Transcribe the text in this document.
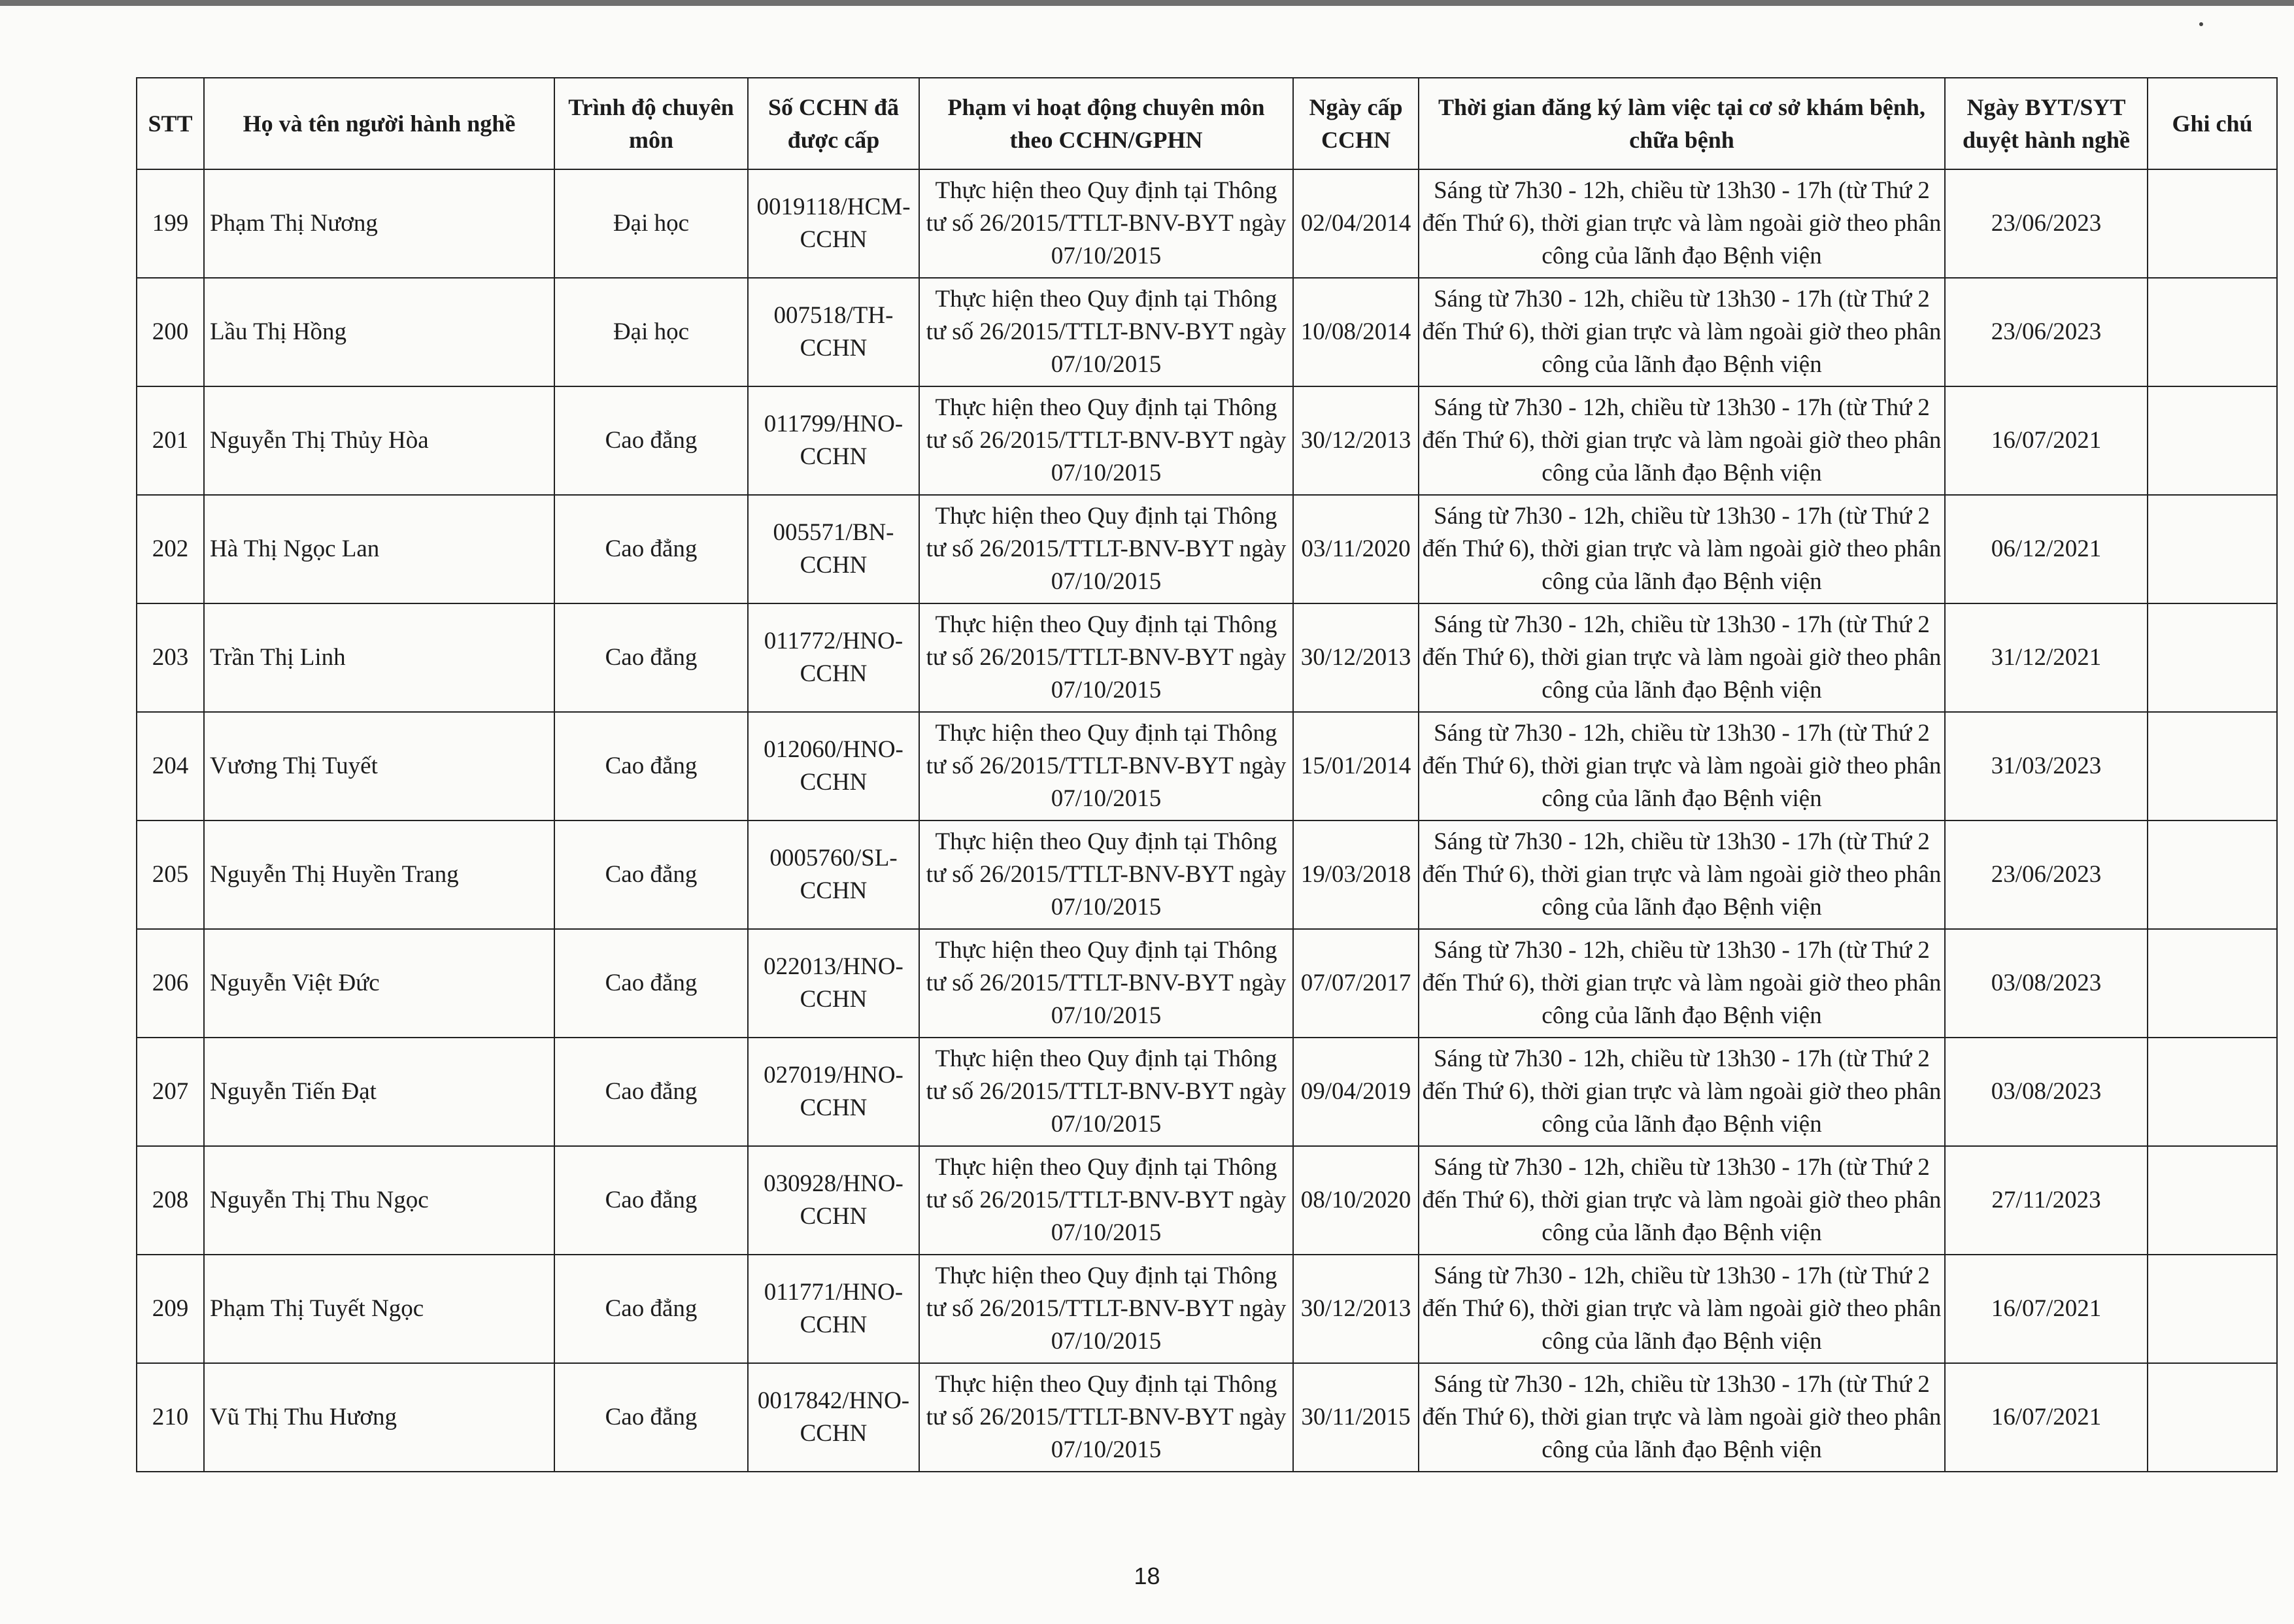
STT	Họ và tên người hành nghề	Trình độ chuyên môn	Số CCHN đã được cấp	Phạm vi hoạt động chuyên môn theo CCHN/GPHN	Ngày cấp CCHN	Thời gian đăng ký làm việc tại cơ sở khám bệnh, chữa bệnh	Ngày BYT/SYT duyệt hành nghề	Ghi chú
199	Phạm Thị Nương	Đại học	0019118/HCM-CCHN	Thực hiện theo Quy định tại Thông tư số 26/2015/TTLT-BNV-BYT ngày 07/10/2015	02/04/2014	Sáng từ 7h30 - 12h, chiều từ 13h30 - 17h (từ Thứ 2 đến Thứ 6), thời gian trực và làm ngoài giờ theo phân công của lãnh đạo Bệnh viện	23/06/2023	
200	Lầu Thị Hồng	Đại học	007518/TH-CCHN	Thực hiện theo Quy định tại Thông tư số 26/2015/TTLT-BNV-BYT ngày 07/10/2015	10/08/2014	Sáng từ 7h30 - 12h, chiều từ 13h30 - 17h (từ Thứ 2 đến Thứ 6), thời gian trực và làm ngoài giờ theo phân công của lãnh đạo Bệnh viện	23/06/2023	
201	Nguyễn Thị Thủy Hòa	Cao đẳng	011799/HNO-CCHN	Thực hiện theo Quy định tại Thông tư số 26/2015/TTLT-BNV-BYT ngày 07/10/2015	30/12/2013	Sáng từ 7h30 - 12h, chiều từ 13h30 - 17h (từ Thứ 2 đến Thứ 6), thời gian trực và làm ngoài giờ theo phân công của lãnh đạo Bệnh viện	16/07/2021	
202	Hà Thị Ngọc Lan	Cao đẳng	005571/BN-CCHN	Thực hiện theo Quy định tại Thông tư số 26/2015/TTLT-BNV-BYT ngày 07/10/2015	03/11/2020	Sáng từ 7h30 - 12h, chiều từ 13h30 - 17h (từ Thứ 2 đến Thứ 6), thời gian trực và làm ngoài giờ theo phân công của lãnh đạo Bệnh viện	06/12/2021	
203	Trần Thị Linh	Cao đẳng	011772/HNO-CCHN	Thực hiện theo Quy định tại Thông tư số 26/2015/TTLT-BNV-BYT ngày 07/10/2015	30/12/2013	Sáng từ 7h30 - 12h, chiều từ 13h30 - 17h (từ Thứ 2 đến Thứ 6), thời gian trực và làm ngoài giờ theo phân công của lãnh đạo Bệnh viện	31/12/2021	
204	Vương Thị Tuyết	Cao đẳng	012060/HNO-CCHN	Thực hiện theo Quy định tại Thông tư số 26/2015/TTLT-BNV-BYT ngày 07/10/2015	15/01/2014	Sáng từ 7h30 - 12h, chiều từ 13h30 - 17h (từ Thứ 2 đến Thứ 6), thời gian trực và làm ngoài giờ theo phân công của lãnh đạo Bệnh viện	31/03/2023	
205	Nguyễn Thị Huyền Trang	Cao đẳng	0005760/SL-CCHN	Thực hiện theo Quy định tại Thông tư số 26/2015/TTLT-BNV-BYT ngày 07/10/2015	19/03/2018	Sáng từ 7h30 - 12h, chiều từ 13h30 - 17h (từ Thứ 2 đến Thứ 6), thời gian trực và làm ngoài giờ theo phân công của lãnh đạo Bệnh viện	23/06/2023	
206	Nguyễn Việt Đức	Cao đẳng	022013/HNO-CCHN	Thực hiện theo Quy định tại Thông tư số 26/2015/TTLT-BNV-BYT ngày 07/10/2015	07/07/2017	Sáng từ 7h30 - 12h, chiều từ 13h30 - 17h (từ Thứ 2 đến Thứ 6), thời gian trực và làm ngoài giờ theo phân công của lãnh đạo Bệnh viện	03/08/2023	
207	Nguyễn Tiến Đạt	Cao đẳng	027019/HNO-CCHN	Thực hiện theo Quy định tại Thông tư số 26/2015/TTLT-BNV-BYT ngày 07/10/2015	09/04/2019	Sáng từ 7h30 - 12h, chiều từ 13h30 - 17h (từ Thứ 2 đến Thứ 6), thời gian trực và làm ngoài giờ theo phân công của lãnh đạo Bệnh viện	03/08/2023	
208	Nguyễn Thị Thu Ngọc	Cao đẳng	030928/HNO-CCHN	Thực hiện theo Quy định tại Thông tư số 26/2015/TTLT-BNV-BYT ngày 07/10/2015	08/10/2020	Sáng từ 7h30 - 12h, chiều từ 13h30 - 17h (từ Thứ 2 đến Thứ 6), thời gian trực và làm ngoài giờ theo phân công của lãnh đạo Bệnh viện	27/11/2023	
209	Phạm Thị Tuyết Ngọc	Cao đẳng	011771/HNO-CCHN	Thực hiện theo Quy định tại Thông tư số 26/2015/TTLT-BNV-BYT ngày 07/10/2015	30/12/2013	Sáng từ 7h30 - 12h, chiều từ 13h30 - 17h (từ Thứ 2 đến Thứ 6), thời gian trực và làm ngoài giờ theo phân công của lãnh đạo Bệnh viện	16/07/2021	
210	Vũ Thị Thu Hương	Cao đẳng	0017842/HNO-CCHN	Thực hiện theo Quy định tại Thông tư số 26/2015/TTLT-BNV-BYT ngày 07/10/2015	30/11/2015	Sáng từ 7h30 - 12h, chiều từ 13h30 - 17h (từ Thứ 2 đến Thứ 6), thời gian trực và làm ngoài giờ theo phân công của lãnh đạo Bệnh viện	16/07/2021	
18
